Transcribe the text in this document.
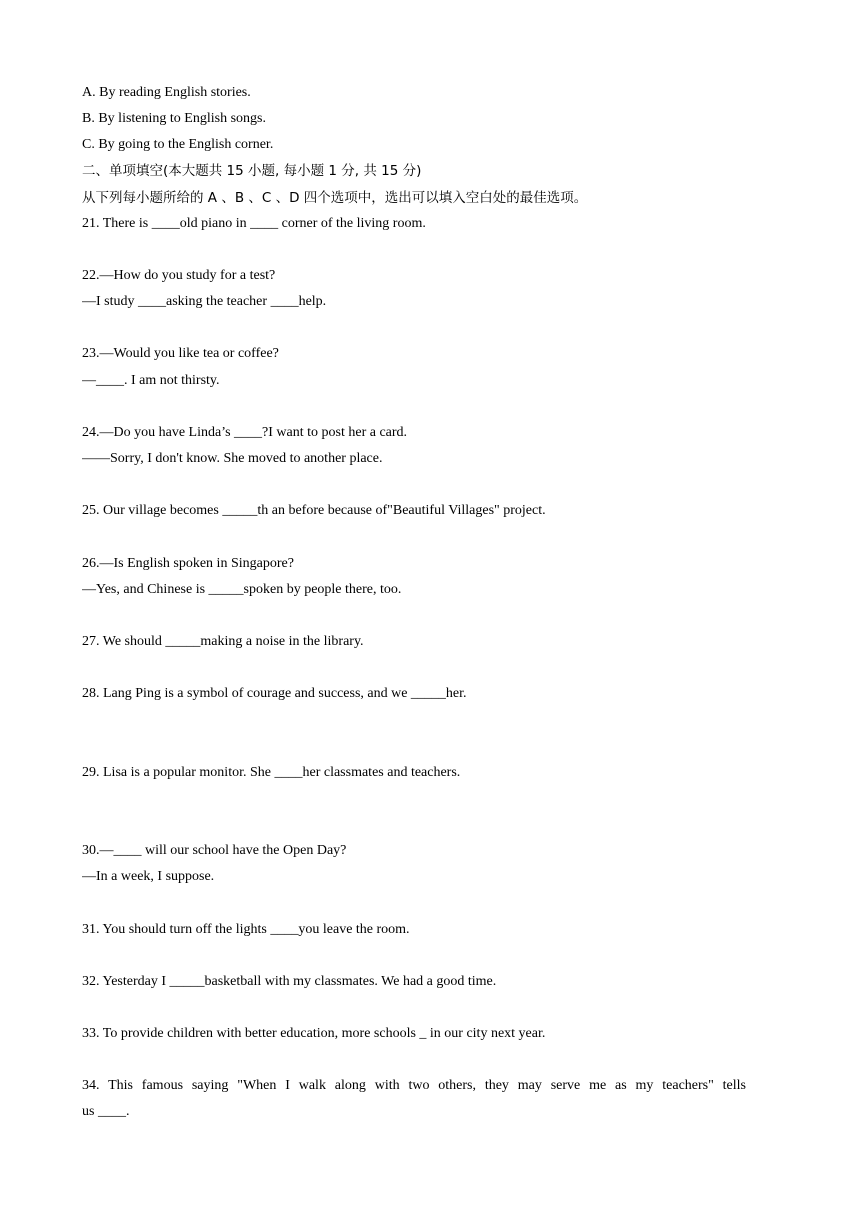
A. By reading English stories.
B. By listening to English songs.
C. By going to the English corner.
二、单项填空(本大题共 15 小题, 每小题 1 分, 共 15 分)
从下列每小题所给的 A 、B 、C 、D 四个选项中，选出可以填入空白处的最佳选项。
21. There is ____old piano in ____ corner of the living room.

22.—How do you study for a test?
—I study ____asking the teacher ____help.

23.—Would you like tea or coffee?
—____. I am not thirsty.

24.—Do you have Linda’s ____?I want to post her a card.
——Sorry, I don't know. She moved to another place.

25. Our village becomes _____th an before because of"Beautiful Villages" project.

26.—Is English spoken in Singapore?
—Yes, and Chinese is _____spoken by people there, too.

27. We should _____making a noise in the library.

28. Lang Ping is a symbol of courage and success, and we _____her.

29. Lisa is a popular monitor. She ____her classmates and teachers.

30.—____ will our school have the Open Day?
—In a week, I suppose.

31. You should turn off the lights ____you leave the room.

32. Yesterday I _____basketball with my classmates. We had a good time.

33. To provide children with better education, more schools _ in our city next year.

34. This famous saying "When I walk along with two others, they may serve me as my teachers" tells
us ____.
